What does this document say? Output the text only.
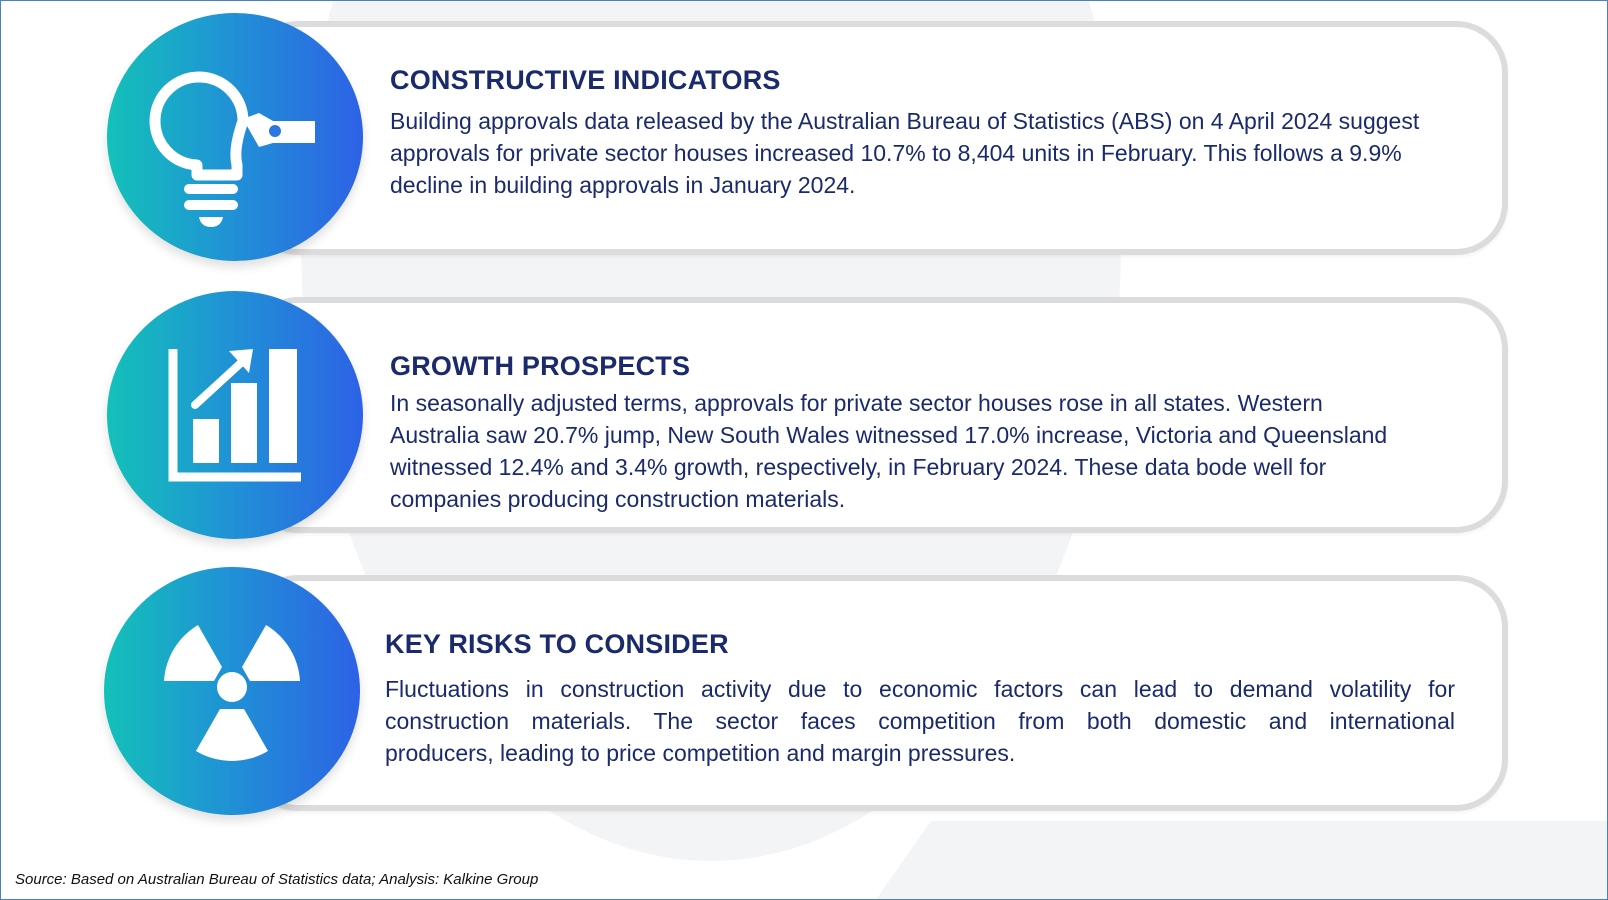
CONSTRUCTIVE INDICATORS
Building approvals data released by the Australian Bureau of Statistics (ABS) on 4 April 2024 suggest
approvals for private sector houses increased 10.7% to 8,404 units in February. This follows a 9.9%
decline in building approvals in January 2024.
GROWTH PROSPECTS
In seasonally adjusted terms, approvals for private sector houses rose in all states. Western
Australia saw 20.7% jump, New South Wales witnessed 17.0% increase, Victoria and Queensland
witnessed 12.4% and 3.4% growth, respectively, in February 2024. These data bode well for
companies producing construction materials.
KEY RISKS TO CONSIDER
Fluctuations in construction activity due to economic factors can lead to demand volatility for
construction materials. The sector faces competition from both domestic and international
producers, leading to price competition and margin pressures.
Source: Based on Australian Bureau of Statistics data; Analysis: Kalkine Group
